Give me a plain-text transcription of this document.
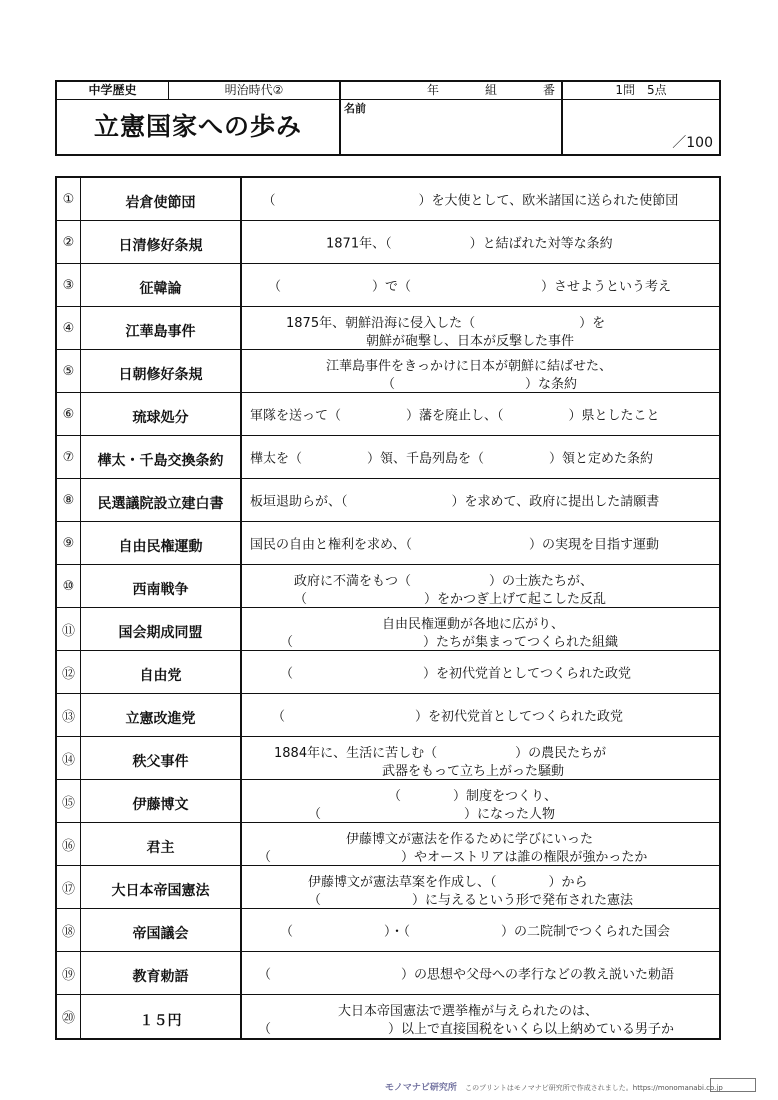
中学歴史	明治時代②
立憲国家への歩み
年	組	番
名前
1問　5点
／100
①	岩倉使節団	　（　　　　　　　　　　　）を大使として、欧米諸国に送られた使節団
②	日清修好条規	1871年、（　　　　　　）と結ばれた対等な条約
③	征韓論	（　　　　　　　）で（　　　　　　　　　　）させようという考え
④	江華島事件
1875年、朝鮮沿海に侵入した（　　　　　　　　）を
朝鮮が砲撃し、日本が反撃した事件
⑤	日朝修好条規
江華島事件をきっかけに日本が朝鮮に結ばせた、
（　　　　　　　　　　）な条約
⑥	琉球処分	軍隊を送って（　　　　　）藩を廃止し、（　　　　　）県としたこと
⑦	樺太・千島交換条約	樺太を（　　　　　）領、千島列島を（　　　　　）領と定めた条約
⑧	民選議院設立建白書	板垣退助らが、（　　　　　　　　）を求めて、政府に提出した請願書
⑨	自由民権運動	国民の自由と権利を求め、（　　　　　　　　　）の実現を目指す運動
⑩	西南戦争
政府に不満をもつ（　　　　　　）の士族たちが、
（　　　　　　　　　）をかつぎ上げて起こした反乱
⑪	国会期成同盟
自由民権運動が各地に広がり、
（　　　　　　　　　　）たちが集まってつくられた組織
⑫	自由党	（　　　　　　　　　　）を初代党首としてつくられた政党
⑬	立憲改進党	（　　　　　　　　　　）を初代党首としてつくられた政党
⑭	秩父事件
1884年に、生活に苦しむ（　　　　　　）の農民たちが
武器をもって立ち上がった騒動
⑮	伊藤博文
（　　　　）制度をつくり、
（　　　　　　　　　　　）になった人物
⑯	君主
伊藤博文が憲法を作るために学びにいった
（　　　　　　　　　　）やオーストリアは誰の権限が強かったか
⑰	大日本帝国憲法
伊藤博文が憲法草案を作成し、（　　　　）から
（　　　　　　　）に与えるという形で発布された憲法
⑱	帝国議会	（　　　　　　　）・（　　　　　　　）の二院制でつくられた国会
⑲	教育勅語	（　　　　　　　　　　）の思想や父母への孝行などの教え説いた勅語
⑳	１５円
大日本帝国憲法で選挙権が与えられたのは、
（　　　　　　　　　）以上で直接国税をいくら以上納めている男子か
モノマナビ研究所 このプリントはモノマナビ研究所で作成されました。https://monomanabi.co.jp
